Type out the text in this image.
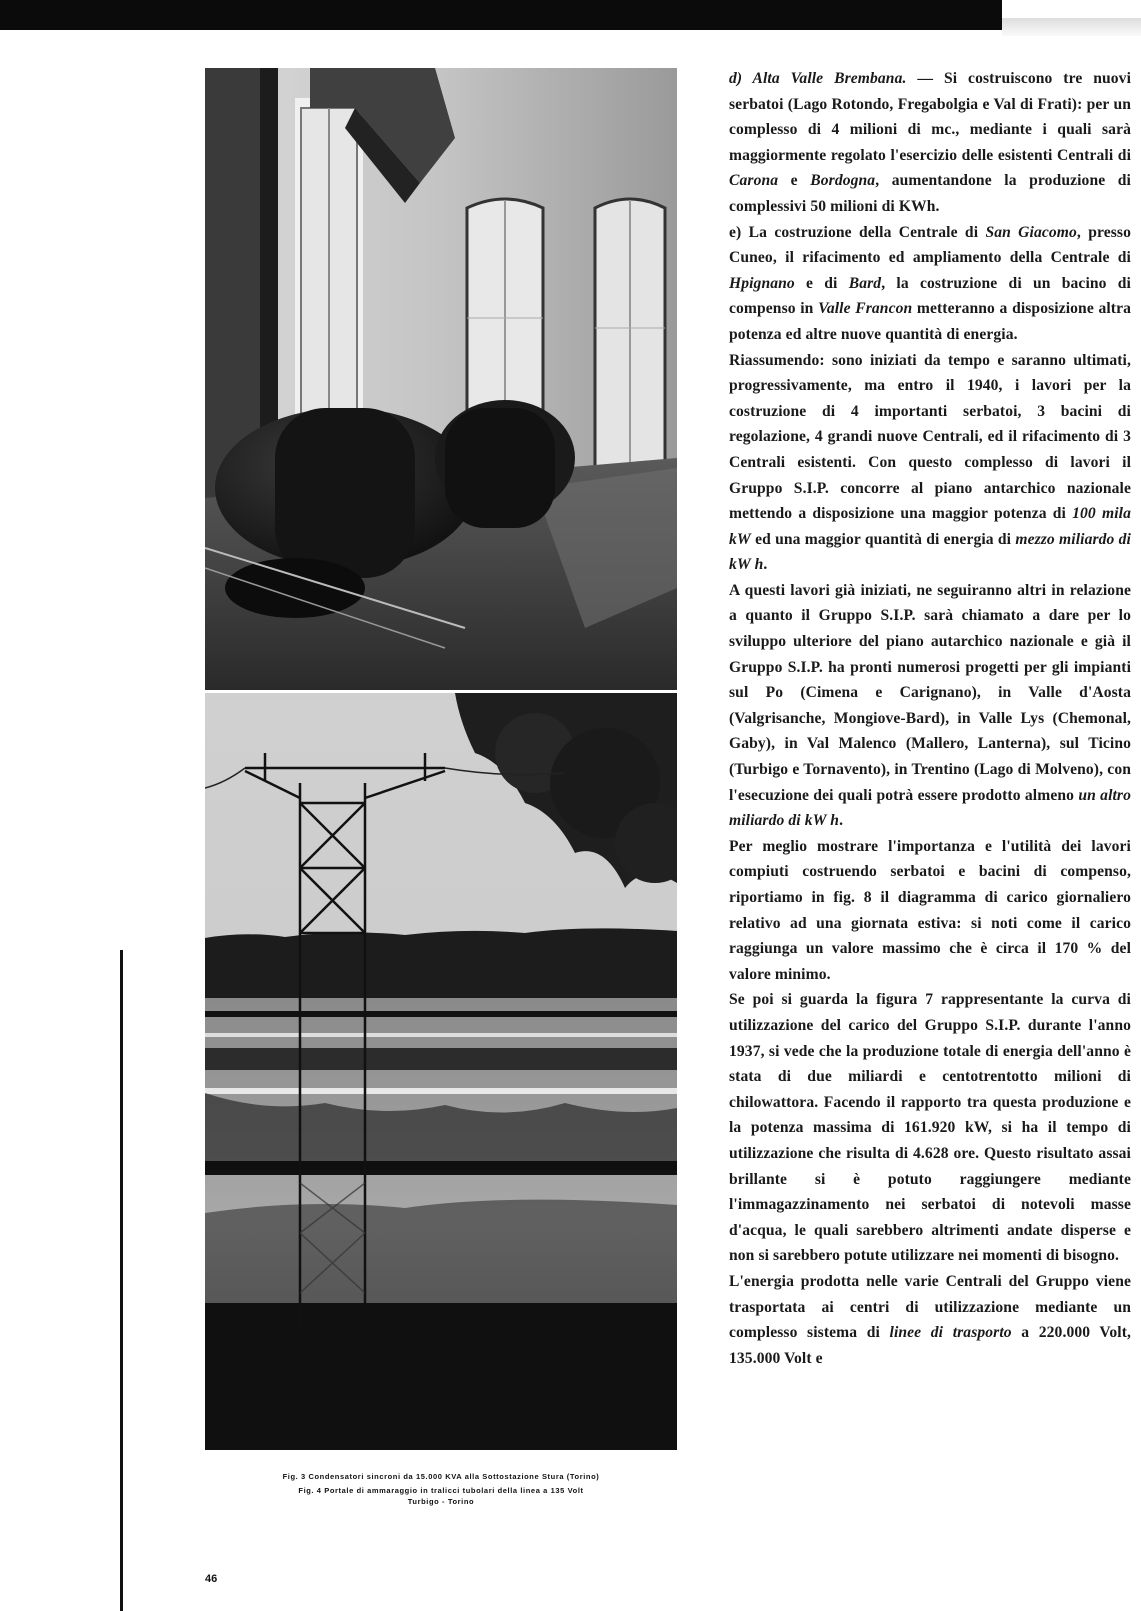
Fig. 3 Condensatori sincroni da 15.000 KVA alla Sottostazione Stura (Torino)
Fig. 4 Portale di ammaraggio in tralicci tubolari della linea a 135 Volt
Turbigo - Torino
46

d) Alta Valle Brembana. — Si costruiscono tre nuovi serbatoi (Lago Rotondo, Fregabolgia e Val di Frati): per un complesso di 4 milioni di mc., mediante i quali sarà maggiormente regolato l'esercizio delle esistenti Centrali di Carona e Bordogna, aumentandone la produzione di complessivi 50 milioni di KWh.

e) La costruzione della Centrale di San Giacomo, presso Cuneo, il rifacimento ed ampliamento della Centrale di Hpignano e di Bard, la costruzione di un bacino di compenso in Valle Francon metteranno a disposizione altra potenza ed altre nuove quantità di energia.

Riassumendo: sono iniziati da tempo e saranno ultimati, progressivamente, ma entro il 1940, i lavori per la costruzione di 4 importanti serbatoi, 3 bacini di regolazione, 4 grandi nuove Centrali, ed il rifacimento di 3 Centrali esistenti. Con questo complesso di lavori il Gruppo S.I.P. concorre al piano antarchico nazionale mettendo a disposizione una maggior potenza di 100 mila kW ed una maggior quantità di energia di mezzo miliardo di kW h.

A questi lavori già iniziati, ne seguiranno altri in relazione a quanto il Gruppo S.I.P. sarà chiamato a dare per lo sviluppo ulteriore del piano autarchico nazionale e già il Gruppo S.I.P. ha pronti numerosi progetti per gli impianti sul Po (Cimena e Carignano), in Valle d'Aosta (Valgrisanche, Mongiove-Bard), in Valle Lys (Chemonal, Gaby), in Val Malenco (Mallero, Lanterna), sul Ticino (Turbigo e Tornavento), in Trentino (Lago di Molveno), con l'esecuzione dei quali potrà essere prodotto almeno un altro miliardo di kW h.

Per meglio mostrare l'importanza e l'utilità dei lavori compiuti costruendo serbatoi e bacini di compenso, riportiamo in fig. 8 il diagramma di carico giornaliero relativo ad una giornata estiva: si noti come il carico raggiunga un valore massimo che è circa il 170 % del valore minimo.

Se poi si guarda la figura 7 rappresentante la curva di utilizzazione del carico del Gruppo S.I.P. durante l'anno 1937, si vede che la produzione totale di energia dell'anno è stata di due miliardi e centotrentotto milioni di chilowattora. Facendo il rapporto tra questa produzione e la potenza massima di 161.920 kW, si ha il tempo di utilizzazione che risulta di 4.628 ore. Questo risultato assai brillante si è potuto raggiungere mediante l'immagazzinamento nei serbatoi di notevoli masse d'acqua, le quali sarebbero altrimenti andate disperse e non si sarebbero potute utilizzare nei momenti di bisogno.

L'energia prodotta nelle varie Centrali del Gruppo viene trasportata ai centri di utilizzazione mediante un complesso sistema di linee di trasporto a 220.000 Volt, 135.000 Volt e
